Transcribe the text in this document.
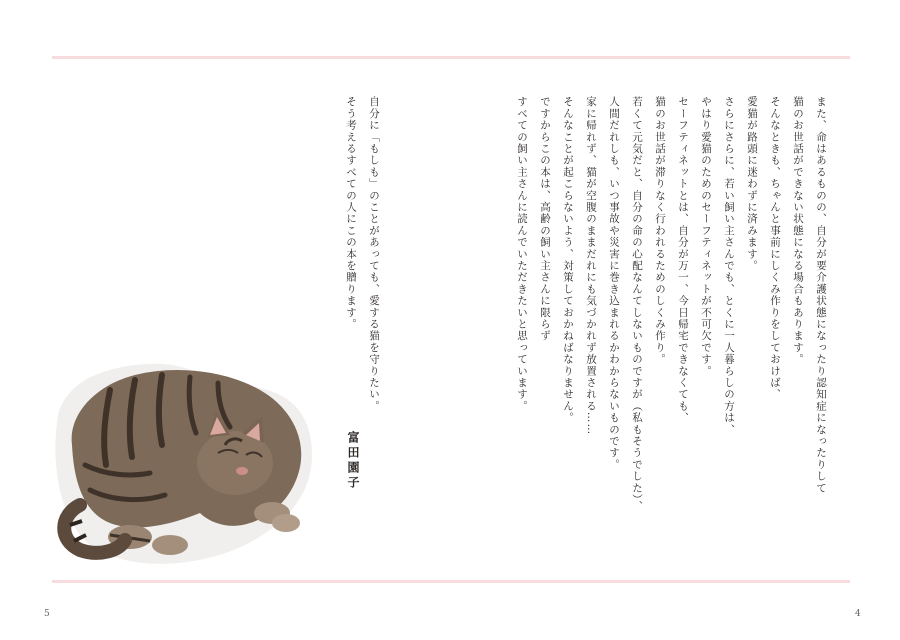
また、命はあるものの、自分が要介護状態になったり認知症になったりして
猫のお世話ができない状態になる場合もあります。
そんなときも、ちゃんと事前にしくみ作りをしておけば、
愛猫が路頭に迷わずに済みます。
さらにさらに、若い飼い主さんでも、とくに一人暮らしの方は、
やはり愛猫のためのセーフティネットが不可欠です。
セーフティネットとは、自分が万一、今日帰宅できなくても、
猫のお世話が滞りなく行われるためのしくみ作り。
若くて元気だと、自分の命の心配なんてしないものですが（私もそうでした）、
人間だれしも、いつ事故や災害に巻き込まれるかわからないものです。
家に帰れず、猫が空腹のままだれにも気づかれず放置される……
そんなことが起こらないよう、対策しておかねばなりません。
ですからこの本は、高齢の飼い主さんに限らず
すべての飼い主さんに読んでいただきたいと思っています。
自分に「もしも」のことがあっても、愛する猫を守りたい。
そう考えるすべての人にこの本を贈ります。
富田園子
5	4
